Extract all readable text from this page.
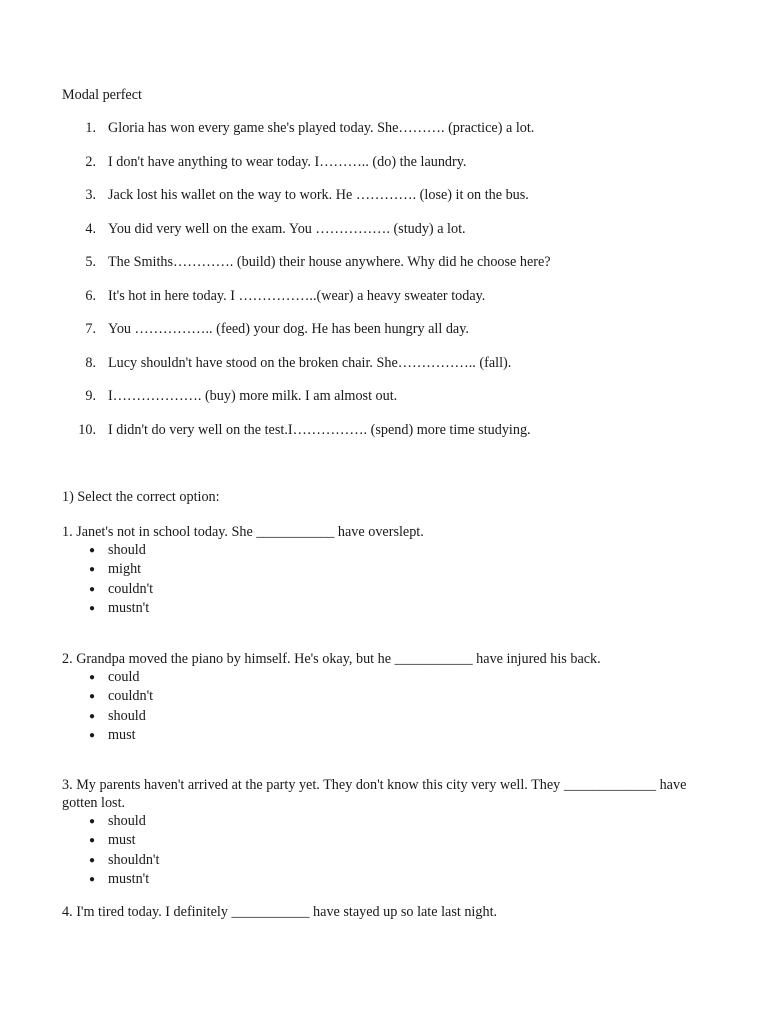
Modal perfect
1. Gloria has won every game she's played today. She………. (practice) a lot.
2. I don't have anything to wear today. I……….. (do) the laundry.
3. Jack lost his wallet on the way to work. He …………. (lose) it on the bus.
4. You did very well on the exam. You ……………. (study) a lot.
5. The Smiths…………. (build) their house anywhere. Why did he choose here?
6. It's hot in here today. I ……………..(wear) a heavy sweater today.
7. You …………….. (feed) your dog. He has been hungry all day.
8. Lucy shouldn't have stood on the broken chair. She…………….. (fall).
9. I………………. (buy) more milk. I am almost out.
10. I didn't do very well on the test.I……………. (spend) more time studying.
1) Select the correct option:
1. Janet's not in school today. She ___________ have overslept.
● should
● might
● couldn't
● mustn't
2. Grandpa moved the piano by himself. He's okay, but he ___________ have injured his back.
● could
● couldn't
● should
● must
3. My parents haven't arrived at the party yet. They don't know this city very well. They _____________ have gotten lost.
● should
● must
● shouldn't
● mustn't
4. I'm tired today. I definitely ___________ have stayed up so late last night.
